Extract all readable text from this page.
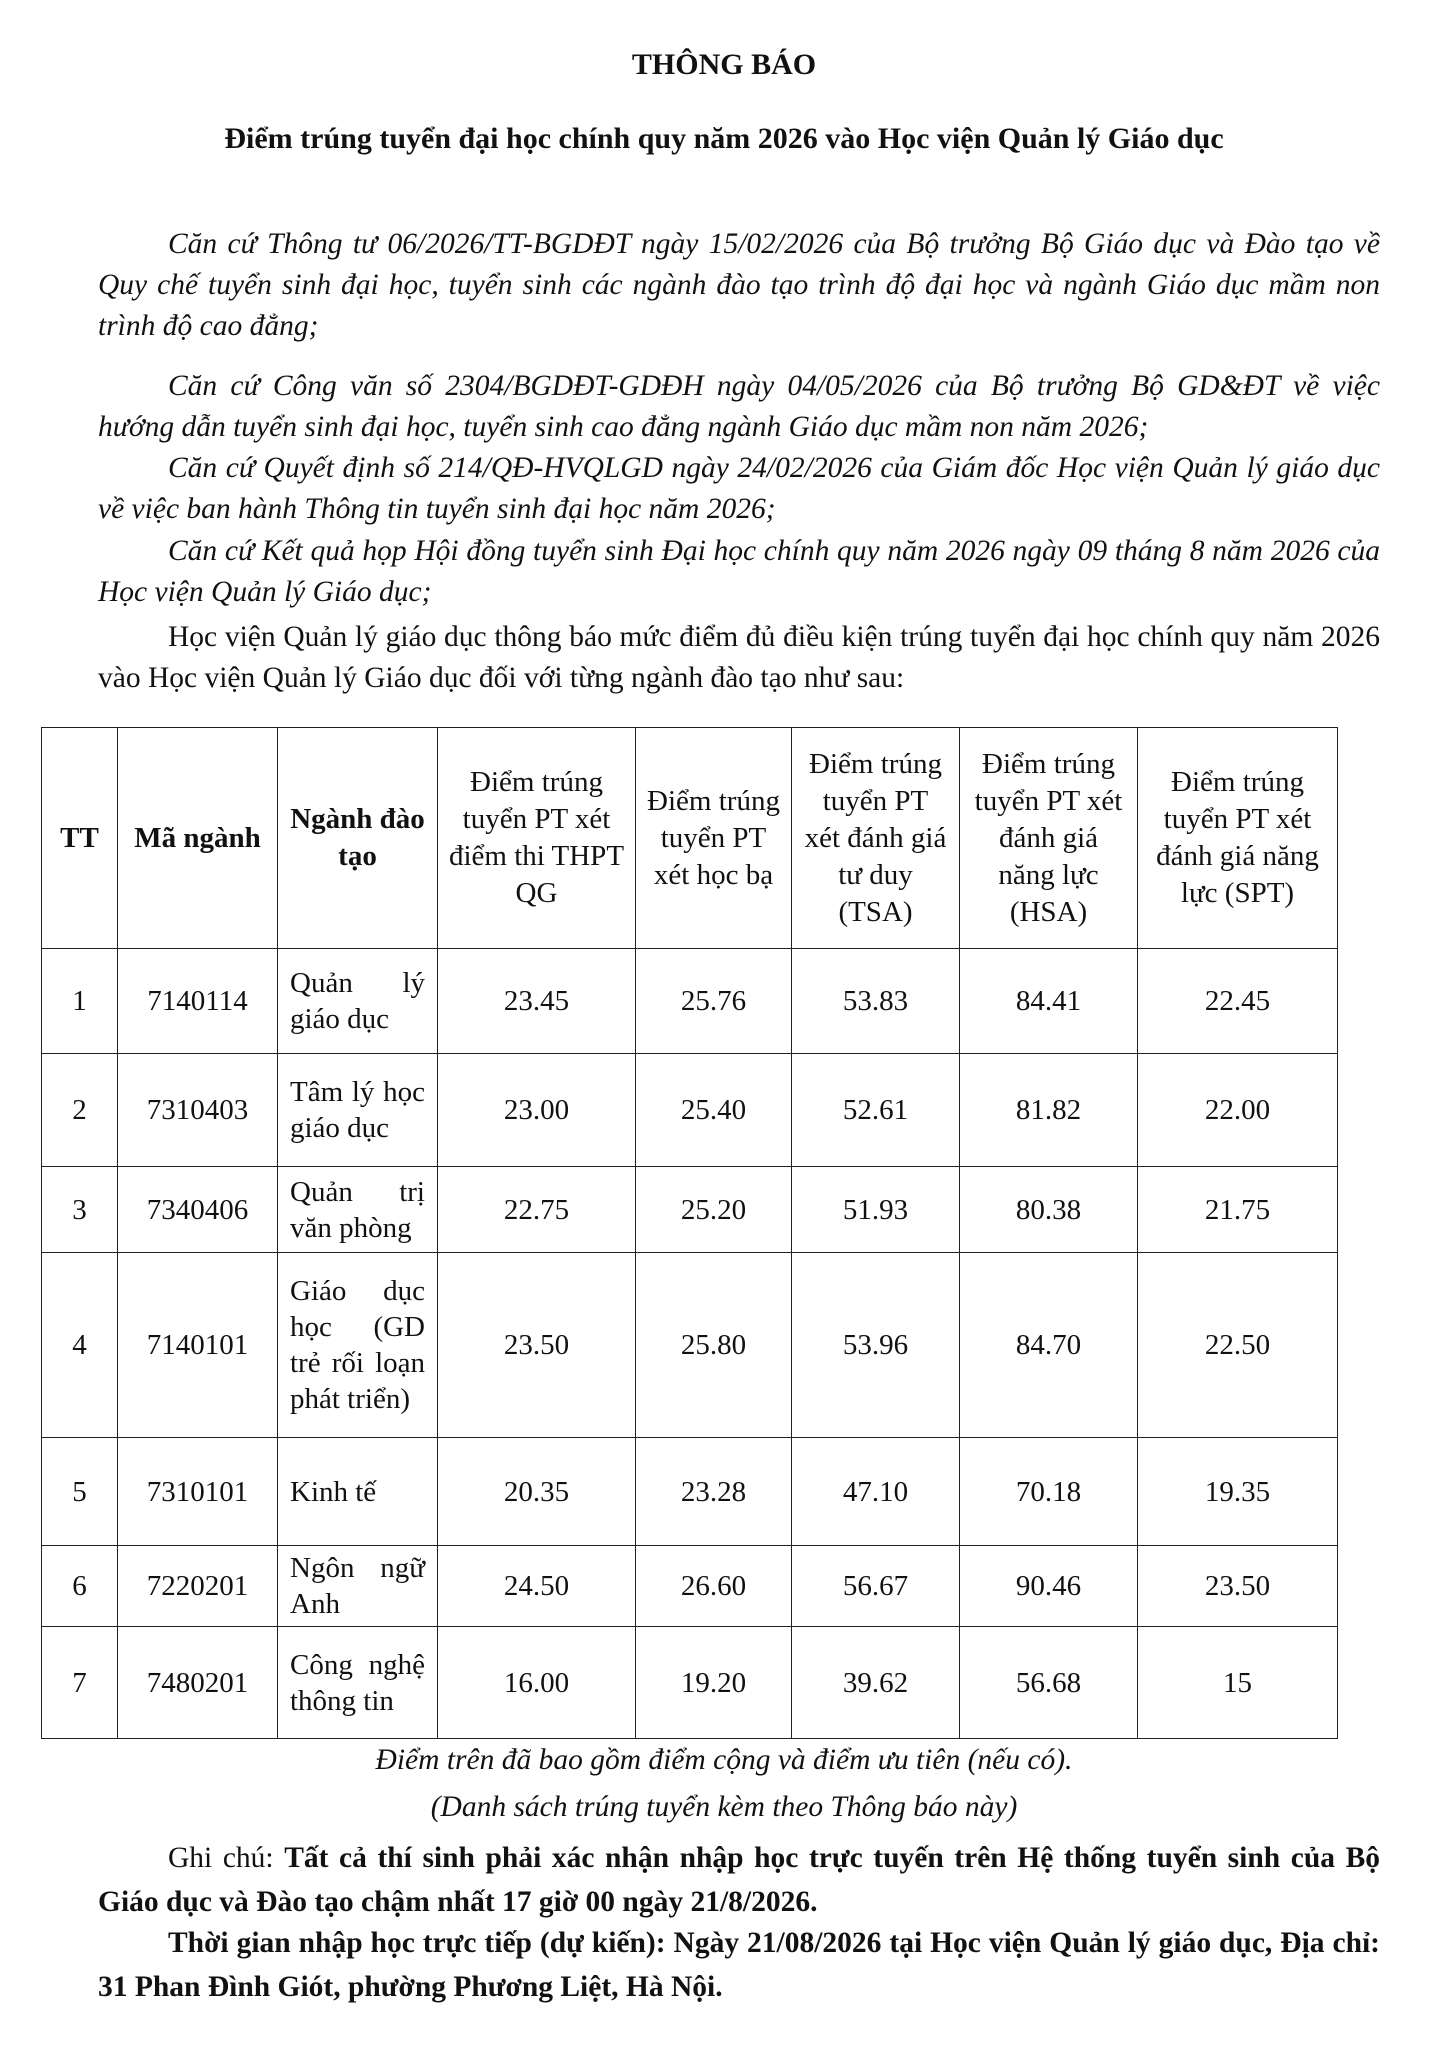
THÔNG BÁO
Điểm trúng tuyển đại học chính quy năm 2026 vào Học viện Quản lý Giáo dục

Căn cứ Thông tư 06/2026/TT-BGDĐT ngày 15/02/2026 của Bộ trưởng Bộ Giáo dục và Đào tạo về Quy chế tuyển sinh đại học, tuyển sinh các ngành đào tạo trình độ đại học và ngành Giáo dục mầm non trình độ cao đẳng;

Căn cứ Công văn số 2304/BGDĐT-GDĐH ngày 04/05/2026 của Bộ trưởng Bộ GD&ĐT về việc hướng dẫn tuyển sinh đại học, tuyển sinh cao đẳng ngành Giáo dục mầm non năm 2026;

Căn cứ Quyết định số 214/QĐ-HVQLGD ngày 24/02/2026 của Giám đốc Học viện Quản lý giáo dục về việc ban hành Thông tin tuyển sinh đại học năm 2026;

Căn cứ Kết quả họp Hội đồng tuyển sinh Đại học chính quy năm 2026 ngày 09 tháng 8 năm 2026 của Học viện Quản lý Giáo dục;

Học viện Quản lý giáo dục thông báo mức điểm đủ điều kiện trúng tuyển đại học chính quy năm 2026 vào Học viện Quản lý Giáo dục đối với từng ngành đào tạo như sau:

TT	Mã ngành	Ngành đào tạo	Điểm trúng tuyển PT xét điểm thi THPT QG	Điểm trúng tuyển PT xét học bạ	Điểm trúng tuyển PT xét đánh giá tư duy (TSA)	Điểm trúng tuyển PT xét đánh giá năng lực (HSA)	Điểm trúng tuyển PT xét đánh giá năng lực (SPT)
1	7140114	Quản lý giáo dục	23.45	25.76	53.83	84.41	22.45
2	7310403	Tâm lý học giáo dục	23.00	25.40	52.61	81.82	22.00
3	7340406	Quản trị văn phòng	22.75	25.20	51.93	80.38	21.75
4	7140101	Giáo dục học (GD trẻ rối loạn phát triển)	23.50	25.80	53.96	84.70	22.50
5	7310101	Kinh tế	20.35	23.28	47.10	70.18	19.35
6	7220201	Ngôn ngữ Anh	24.50	26.60	56.67	90.46	23.50
7	7480201	Công nghệ thông tin	16.00	19.20	39.62	56.68	15
Điểm trên đã bao gồm điểm cộng và điểm ưu tiên (nếu có).
(Danh sách trúng tuyển kèm theo Thông báo này)

Ghi chú: Tất cả thí sinh phải xác nhận nhập học trực tuyến trên Hệ thống tuyển sinh của Bộ Giáo dục và Đào tạo chậm nhất 17 giờ 00 ngày 21/8/2026.

Thời gian nhập học trực tiếp (dự kiến): Ngày 21/08/2026 tại Học viện Quản lý giáo dục, Địa chỉ: 31 Phan Đình Giót, phường Phương Liệt, Hà Nội.
